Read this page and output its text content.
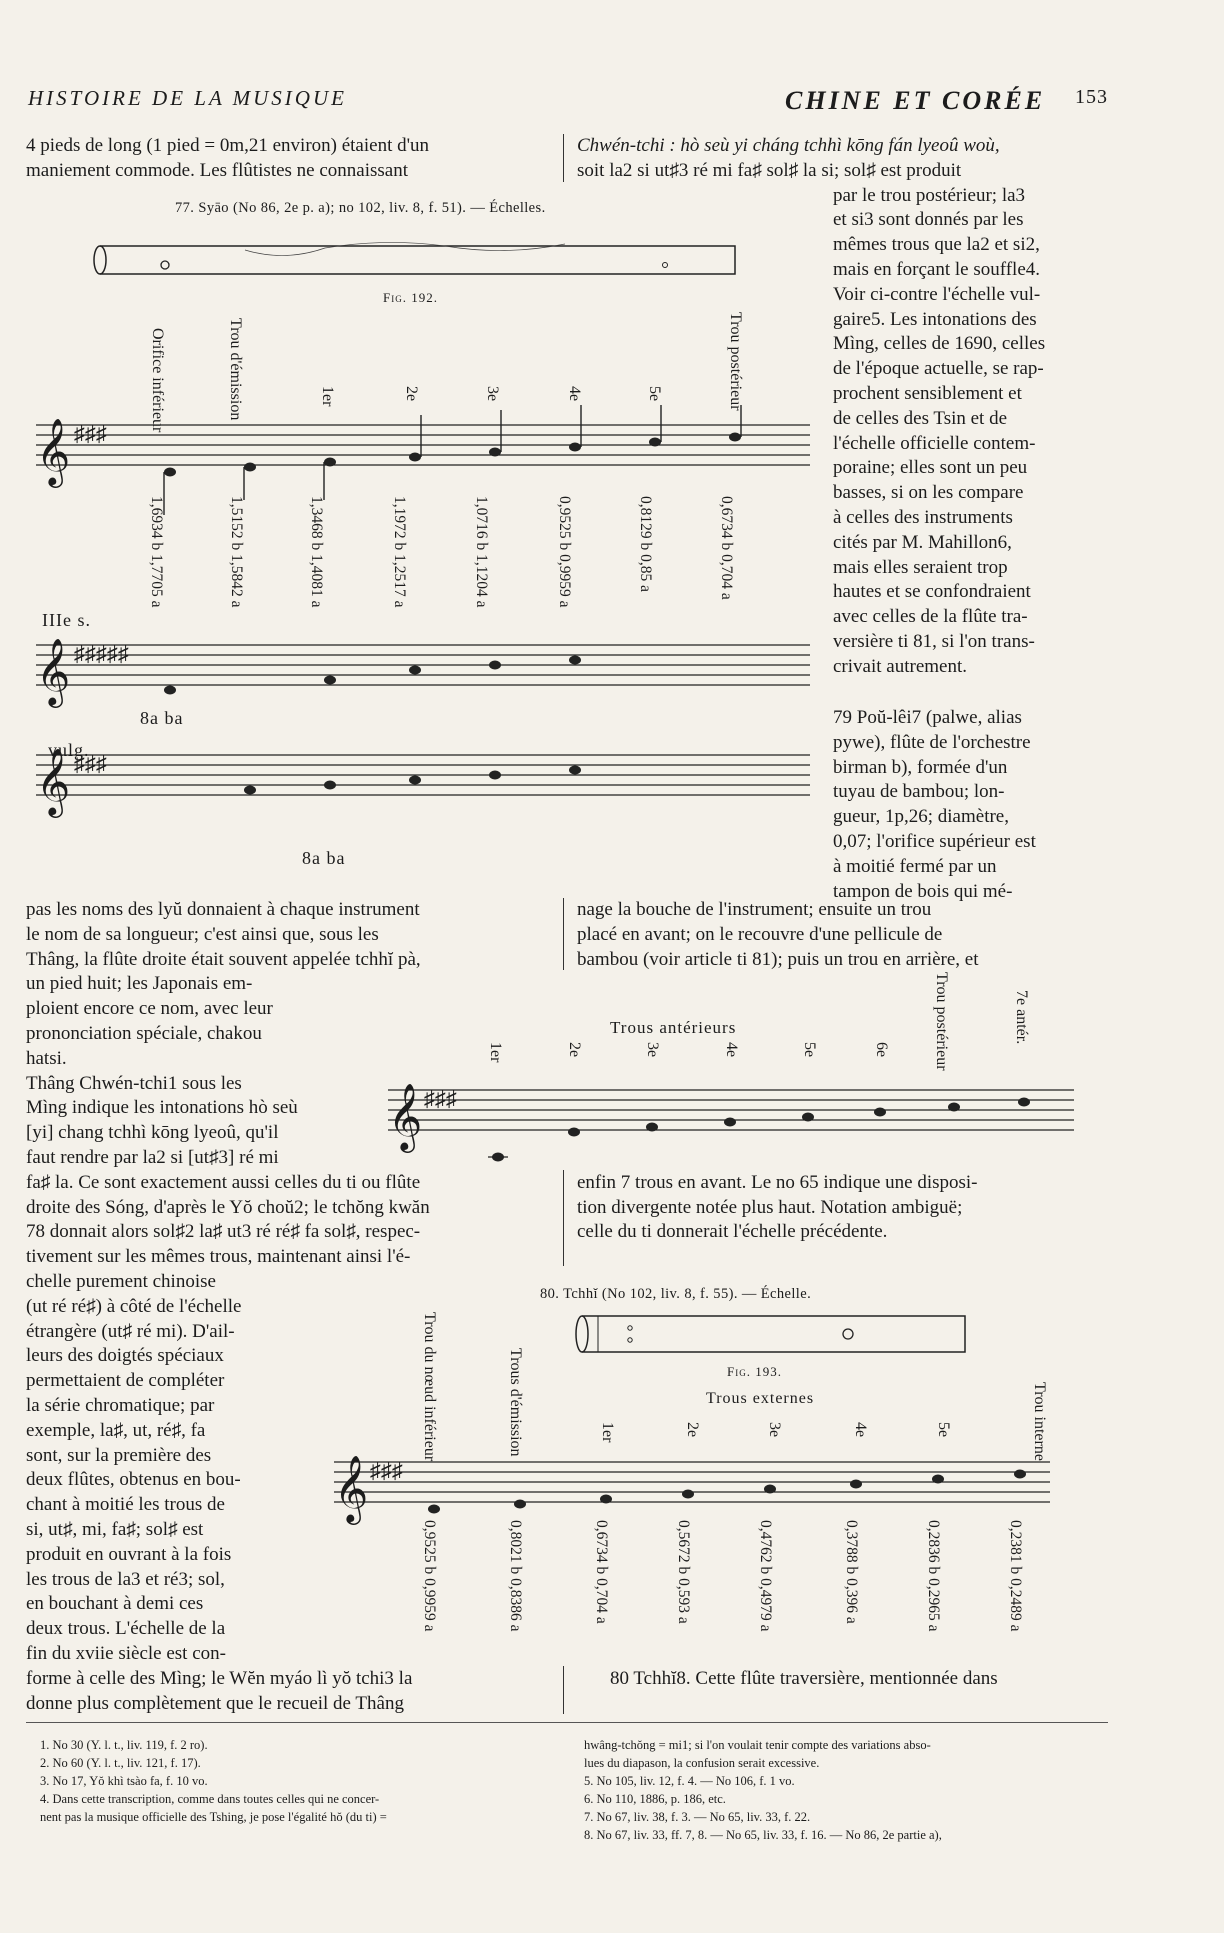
HISTOIRE DE LA MUSIQUE	CHINE ET CORÉE 153
4 pieds de long (1 pied = 0m,21 environ) étaient d'un
maniement commode. Les flûtistes ne connaissant
Chwén-tchi : hò seù yi cháng tchhì kōng fán lyeoû woù,
soit la2 si ut♯3 ré mi fa♯ sol♯ la si; sol♯ est produit
par le trou postérieur; la3
et si3 sont donnés par les
mêmes trous que la2 et si2,
mais en forçant le souffle4.
Voir ci-contre l'échelle vul-
gaire5. Les intonations des
Mìng, celles de 1690, celles
de l'époque actuelle, se rap-
prochent sensiblement et
de celles des Tsin et de
l'échelle officielle contem-
poraine; elles sont un peu
basses, si on les compare
à celles des instruments
cités par M. Mahillon6,
mais elles seraient trop
hautes et se confondraient
avec celles de la flûte tra-
versière ti 81, si l'on trans-
crivait autrement.
79 Poŭ-lêi7 (palwe, alias
pywe), flûte de l'orchestre
birman b), formée d'un
tuyau de bambou; lon-
gueur, 1p,26; diamètre,
0,07; l'orifice supérieur est
à moitié fermé par un
tampon de bois qui mé-
77. Syāo (No 86, 2e p. a); no 102, liv. 8, f. 51). — Échelles.
Fig. 192.
Orifice inférieur	Trou d'émission	1er	2e	3e	4e	5e	Trou postérieur
𝄞 ♯♯♯
𝄞 ♯♯♯♯♯
𝄞 ♯♯♯
1,6934 b 1,7705 a
1,5152 b 1,5842 a
1,3468 b 1,4081 a
1,1972 b 1,2517 a
1,0716 b 1,1204 a
0,9525 b 0,9959 a
0,8129 b 0,85 a
0,6734 b 0,704 a
IIIe s.
8a ba
vulg.
8a ba
pas les noms des lyŭ donnaient à chaque instrument
le nom de sa longueur; c'est ainsi que, sous les
Thâng, la flûte droite était souvent appelée tchhĭ pà,
un pied huit; les Japonais em-
ploient encore ce nom, avec leur
prononciation spéciale, chakou
hatsi.
Thâng Chwén-tchi1 sous les
Mìng indique les intonations hò seù
[yi] chang tchhì kōng lyeoû, qu'il
faut rendre par la2 si [ut♯3] ré mi
fa♯ la. Ce sont exactement aussi celles du ti ou flûte
droite des Sóng, d'après le Yŏ choŭ2; le tchŏng kwăn
78 donnait alors sol♯2 la♯ ut3 ré ré♯ fa sol♯, respec-
tivement sur les mêmes trous, maintenant ainsi l'é-
nage la bouche de l'instrument; ensuite un trou
placé en avant; on le recouvre d'une pellicule de
bambou (voir article ti 81); puis un trou en arrière, et
Trous antérieurs
1er	2e	3e	4e	5e	6e	Trou postérieur	7e antér.
𝄞 ♯♯♯
enfin 7 trous en avant. Le no 65 indique une disposi-
tion divergente notée plus haut. Notation ambiguë;
celle du ti donnerait l'échelle précédente.
chelle purement chinoise
(ut ré ré♯) à côté de l'échelle
étrangère (ut♯ ré mi). D'ail-
leurs des doigtés spéciaux
permettaient de compléter
la série chromatique; par
exemple, la♯, ut, ré♯, fa
sont, sur la première des
deux flûtes, obtenus en bou-
chant à moitié les trous de
si, ut♯, mi, fa♯; sol♯ est
produit en ouvrant à la fois
les trous de la3 et ré3; sol,
en bouchant à demi ces
deux trous. L'échelle de la
fin du xviie siècle est con-
forme à celle des Mìng; le Wĕn myáo lì yŏ tchi3 la
donne plus complètement que le recueil de Thâng
80. Tchhĭ (No 102, liv. 8, f. 55). — Échelle.
Fig. 193.
Trous externes
Trou du nœud inférieur	Trous d'émission	1er	2e	3e	4e	5e	Trou interne
𝄞 ♯♯♯
0,9525 b 0,9959 a
0,8021 b 0,8386 a
0,6734 b 0,704 a
0,5672 b 0,593 a
0,4762 b 0,4979 a
0,3788 b 0,396 a
0,2836 b 0,2965 a
0,2381 b 0,2489 a
80 Tchhĭ8. Cette flûte traversière, mentionnée dans
1. No 30 (Y. l. t., liv. 119, f. 2 ro).
2. No 60 (Y. l. t., liv. 121, f. 17).
3. No 17, Yŏ khì tsào fa, f. 10 vo.
4. Dans cette transcription, comme dans toutes celles qui ne concer-
nent pas la musique officielle des Tshing, je pose l'égalité hŏ (du ti) =
hwâng-tchŏng = mi1; si l'on voulait tenir compte des variations abso-
lues du diapason, la confusion serait excessive.
5. No 105, liv. 12, f. 4. — No 106, f. 1 vo.
6. No 110, 1886, p. 186, etc.
7. No 67, liv. 38, f. 3. — No 65, liv. 33, f. 22.
8. No 67, liv. 33, ff. 7, 8. — No 65, liv. 33, f. 16. — No 86, 2e partie a),
